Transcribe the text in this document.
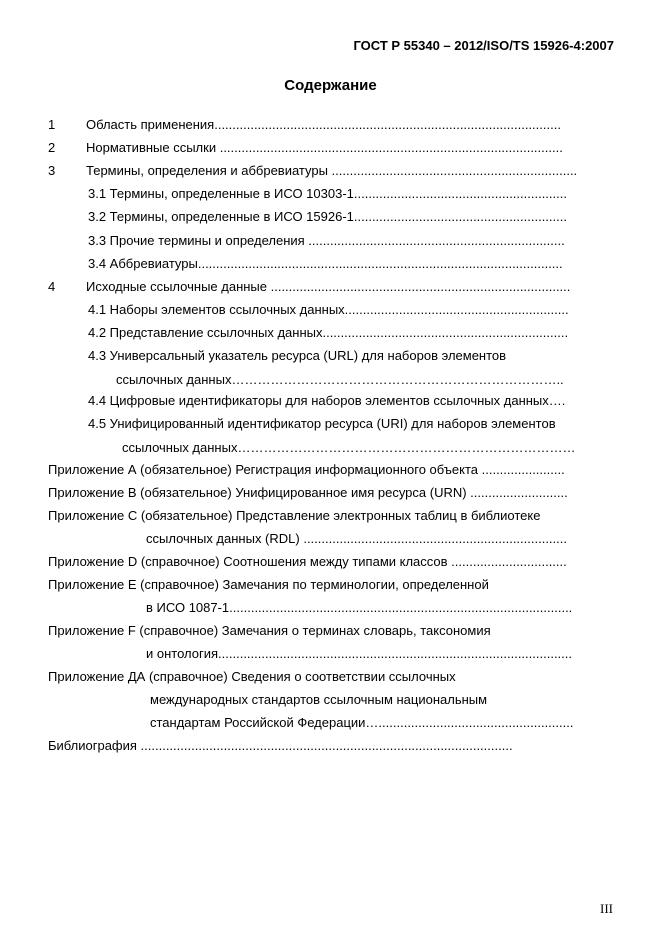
ГОСТ Р 55340 – 2012/ISO/TS 15926-4:2007
Содержание
1 Область применения................................................................................................
2 Нормативные ссылки ...............................................................................................
3 Термины, определения и аббревиатуры ....................................................................
3.1 Термины, определенные в ИСО 10303-1...........................................................
3.2 Термины, определенные в ИСО 15926-1...........................................................
3.3 Прочие термины и определения .......................................................................
3.4 Аббревиатуры.....................................................................................................
4 Исходные ссылочные данные ...................................................................................
4.1 Наборы элементов ссылочных данных..............................................................
4.2 Представление ссылочных данных....................................................................
4.3 Универсальный указатель ресурса (URL) для наборов элементов
ссылочных данных…………………………………………………………………..
4.4 Цифровые идентификаторы для наборов элементов ссылочных данных….
4.5 Унифицированный идентификатор ресурса (URI) для наборов элементов
ссылочных данных……………………………………………………………………
Приложение А (обязательное) Регистрация информационного объекта .......................
Приложение В (обязательное) Унифицированное имя ресурса (URN) ...........................
Приложение С (обязательное) Представление электронных таблиц в библиотеке
ссылочных данных (RDL) .........................................................................
Приложение D (справочное) Соотношения между типами классов ................................
Приложение Е (справочное) Замечания по терминологии, определенной
в ИСО 1087-1...............................................................................................
Приложение F (справочное) Замечания о терминах словарь, таксономия
и онтология..................................................................................................
Приложение ДА (справочное) Сведения о соответствии ссылочных
международных стандартов ссылочным национальным
стандартам Российской Федерации…......................................................
Библиография .......................................................................................................
III
